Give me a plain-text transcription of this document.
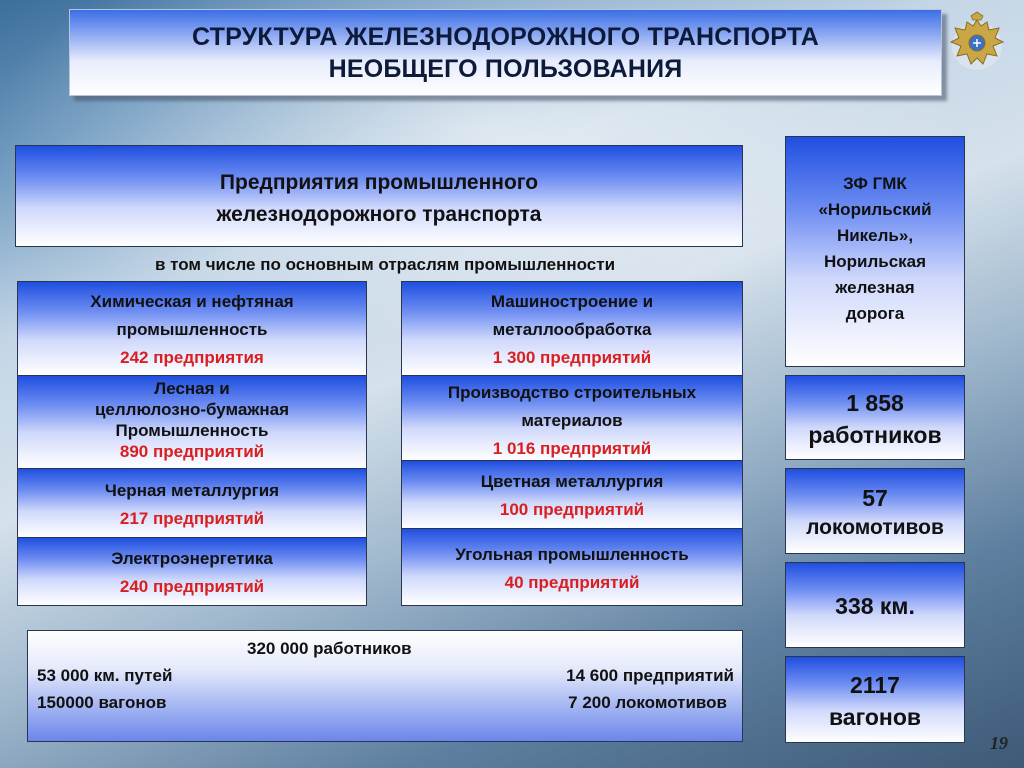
СТРУКТУРА ЖЕЛЕЗНОДОРОЖНОГО ТРАНСПОРТА
НЕОБЩЕГО ПОЛЬЗОВАНИЯ
Предприятия промышленного
железнодорожного транспорта
в том числе по основным отраслям промышленности
Химическая и нефтяная
промышленность
242 предприятия
Лесная и
целлюлозно-бумажная
Промышленность
890 предприятий
Черная металлургия
217 предприятий
Электроэнергетика
240 предприятий
Машиностроение и
металлообработка
1 300 предприятий
Производство строительных
материалов
1 016 предприятий
Цветная металлургия
100 предприятий
Угольная промышленность
40 предприятий
320 000 работников
53 000 км. путей	14 600 предприятий
150000 вагонов	7 200 локомотивов
ЗФ ГМК
«Норильский
Никель»,
Норильская
железная
дорога
1 858
работников
57
локомотивов
338 км.
2117
вагонов
19
